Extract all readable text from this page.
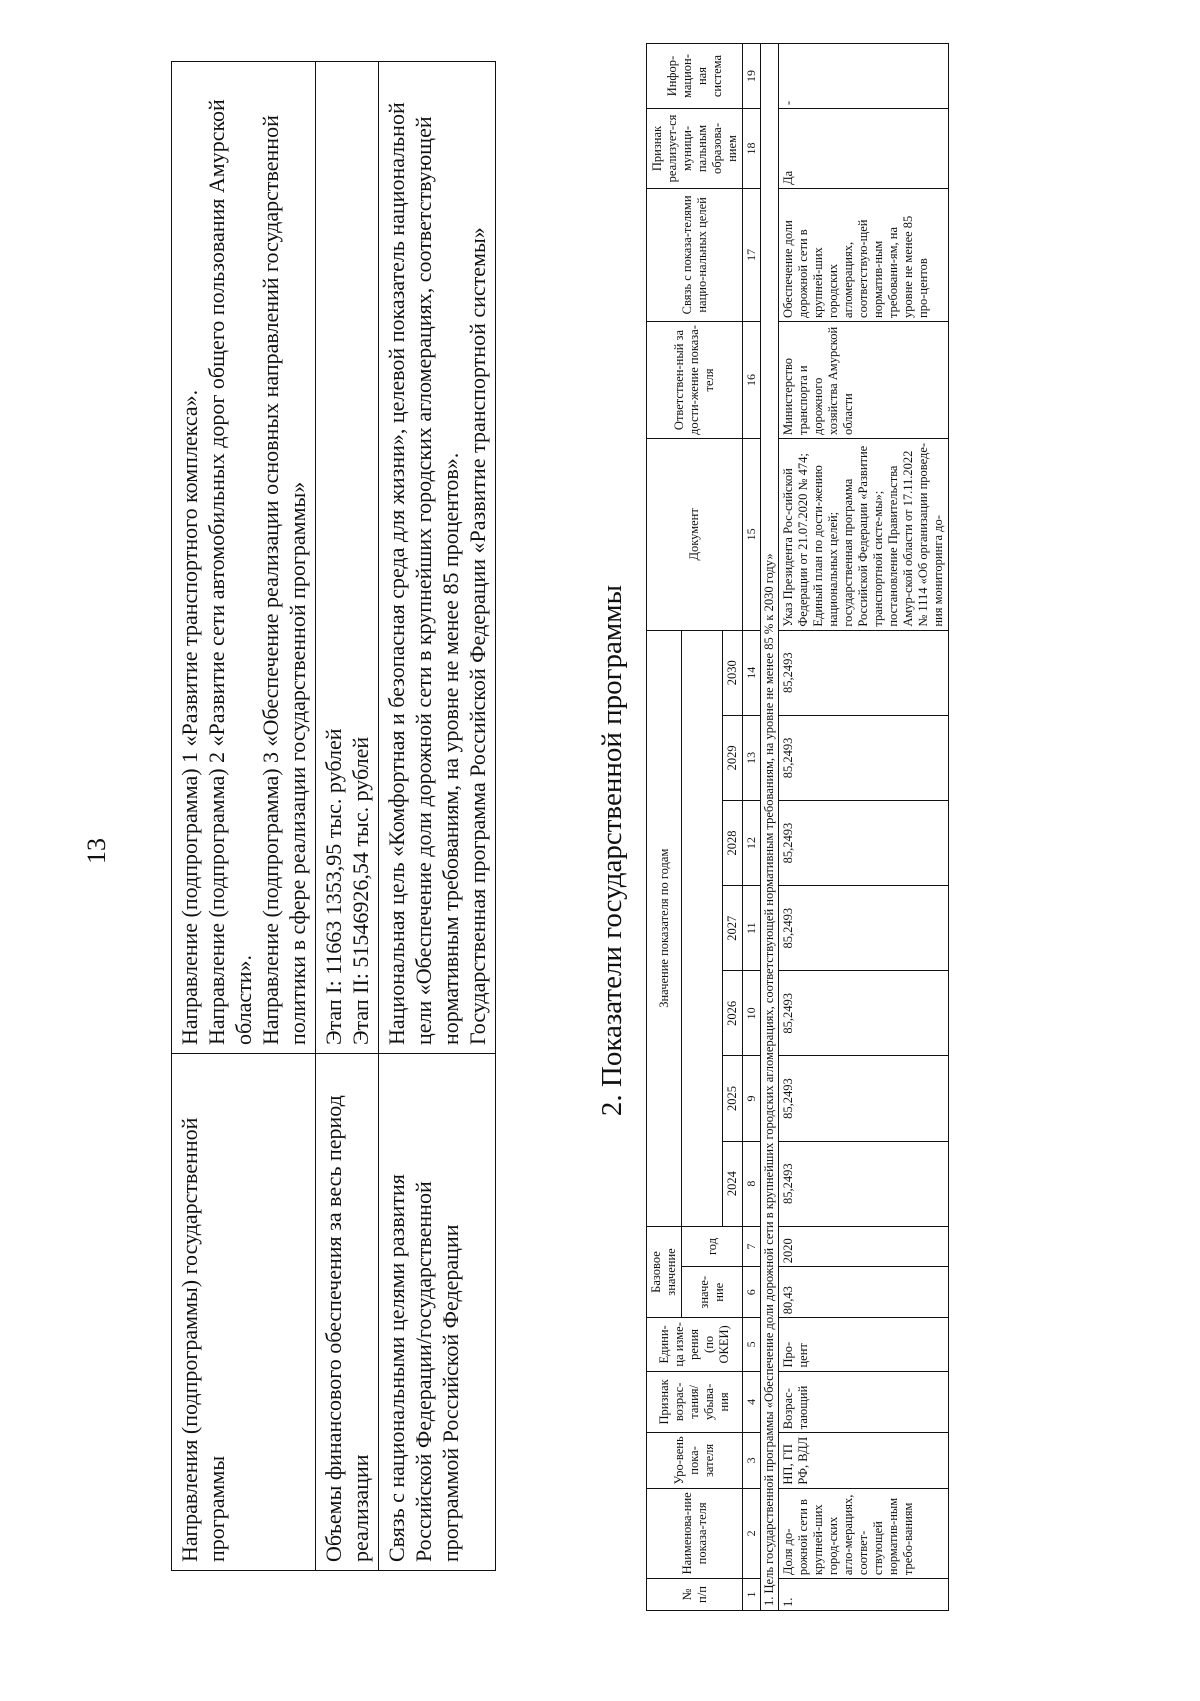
13
Направления (подпрограммы) государственной программы	Направление (подпрограмма) 1 «Развитие транспортного комплекса». Направление (подпрограмма) 2 «Развитие сети автомобильных дорог общего пользования Амурской области». Направление (подпрограмма) 3 «Обеспечение реализации основных направлений государственной политики в сфере реализации государственной программы»

Объемы финансового обеспечения за весь период реализации	Этап I: 11663 1353,95 тыс. рублей Этап II: 51546926,54 тыс. рублей

Связь с национальными целями развития Российской Федерации/государственной программой Российской Федерации	Национальная цель «Комфортная и безопасная среда для жизни», целевой показатель национальной цели «Обеспечение доли дорожной сети в крупнейших городских агломерациях, соответствующей нормативным требованиям, на уровне не менее 85 процентов». Государственная программа Российской Федерации «Развитие транспортной системы»	2. Показатели государственной программы
№ п/п	Наименова-ние показа-теля	Уро-вень пока-зателя	Признак возрас-тания/ убыва-ния	Едини-ца изме-рения (по ОКЕИ)	Базовое значение		Значение показателя по годам							Документ	Ответствен-ный за дости-жение показа-теля	Связь с показа-телями нацио-нальных целей	Признак реализует-ся муници-пальным образова-нием	Инфор-мацион-ная система
					значе-ние	год												
							2024	2025	2026	2027	2028	2029	2030					
1	2	3	4	5	6	7	8	9	10	11	12	13	14	15	16	17	18	19
1. Цель государственной программы «Обеспечение доли дорожной сети в крупнейших городских агломерациях, соответствующей нормативным требованиям, на уровне не менее 85 % к 2030 году»																		
1.	Доля до-рожной сети в крупней-ших город-ских агло-мерациях, соответ-ствующей норматив-ным требо-ваниям	НП, ГП РФ, ВДЛ	Возрас-тающий	Про-цент	80,43	2020	85,2493	85,2493	85,2493	85,2493	85,2493	85,2493	85,2493	Указ Президента Рос-сийской Федерации от 21.07.2020 № 474; Единый план по дости-жению национальных целей; государственная программа Российской Федерации «Развитие транспортной систе-мы»; постановление Правительства Амур-ской области от 17.11.2022 № 1114 «Об организации проведе-ния мониторинга до-	Министерство транспорта и дорожного хозяйства Амурской области	Обеспечение доли дорожной сети в крупней-ших городских агломерациях, соответствую-щей норматив-ным требовани-ям, на уровне не менее 85 про-центов	Да	-
